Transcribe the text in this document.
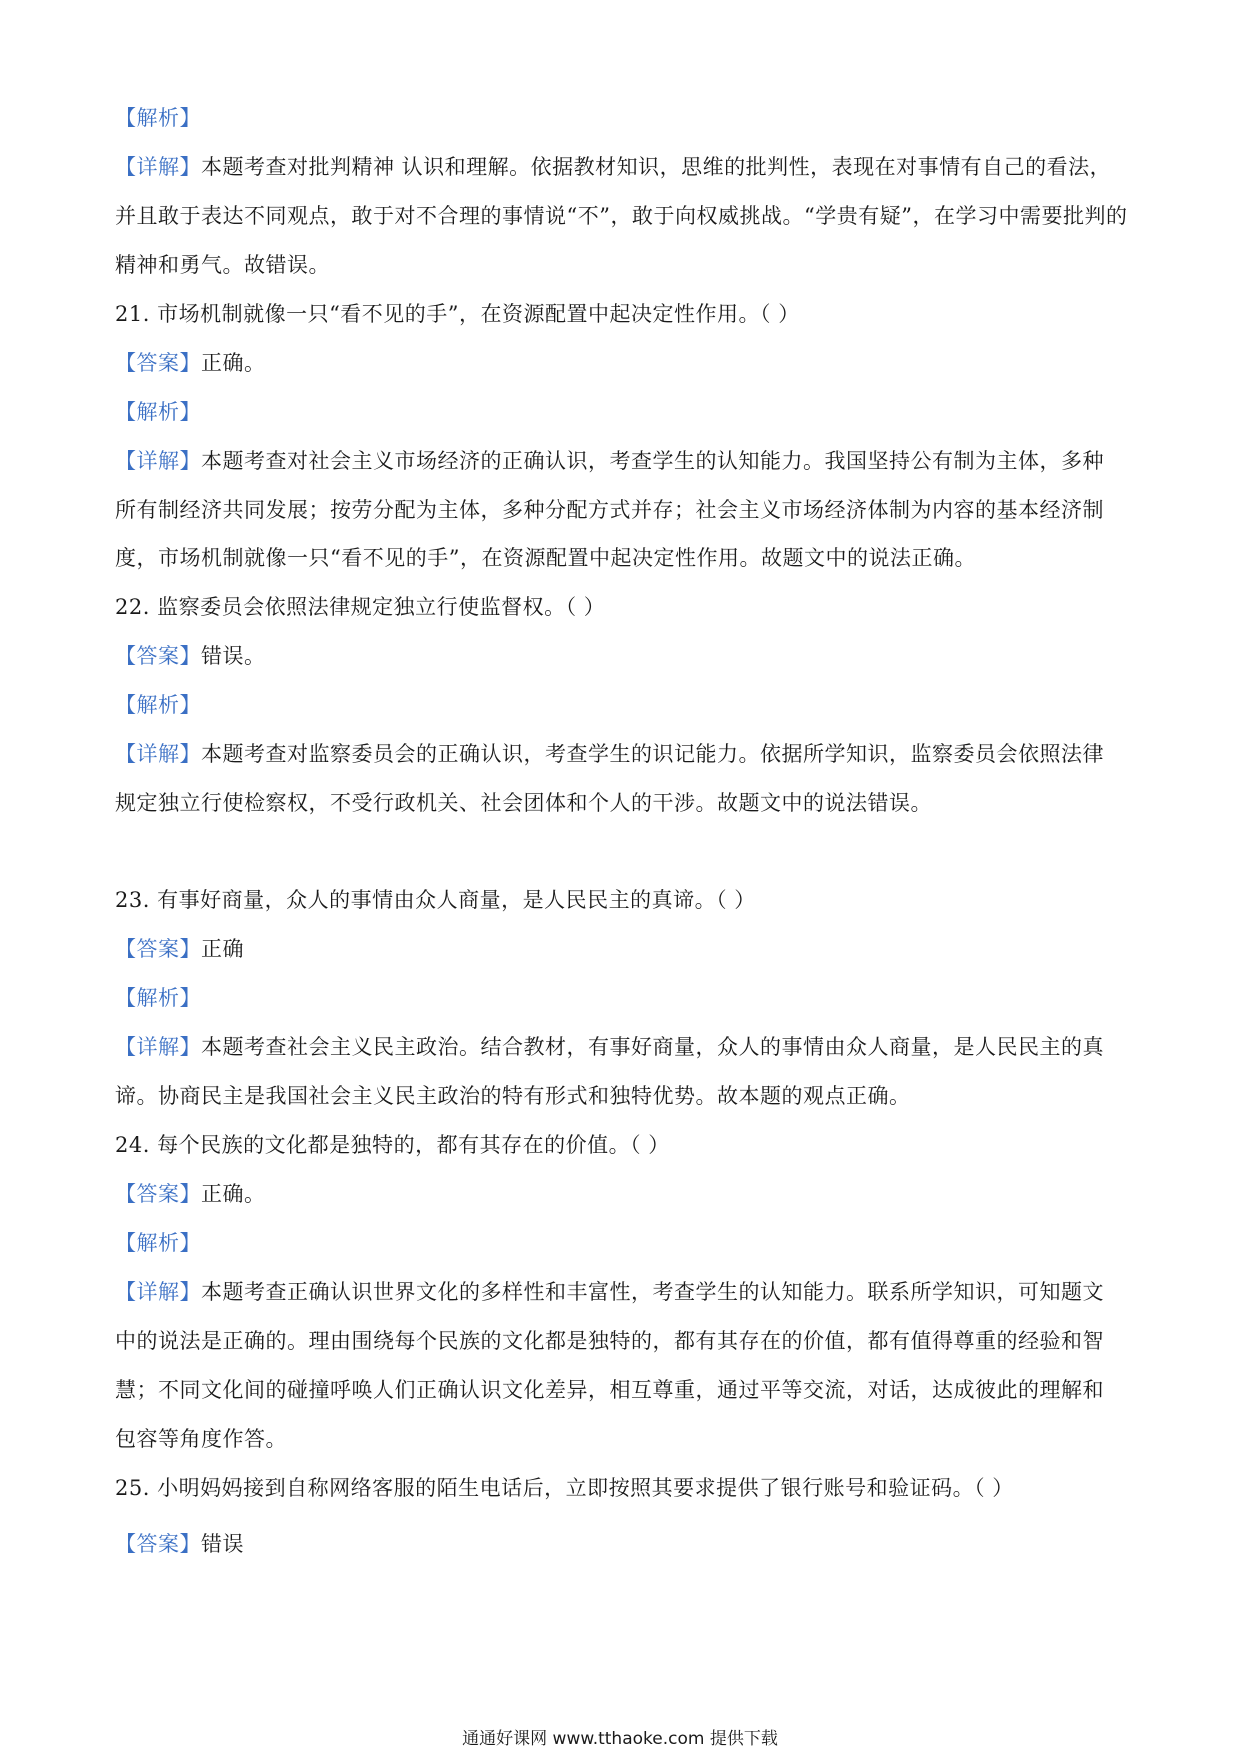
【解析】
【详解】本题考查对批判精神 认识和理解。依据教材知识，思维的批判性，表现在对事情有自己的看法，
并且敢于表达不同观点，敢于对不合理的事情说“不”，敢于向权威挑战。“学贵有疑”，在学习中需要批判的
精神和勇气。故错误。
21. 市场机制就像一只“看不见的手”，在资源配置中起决定性作用。（ ）
【答案】正确。
【解析】
【详解】本题考查对社会主义市场经济的正确认识，考查学生的认知能力。我国坚持公有制为主体，多种
所有制经济共同发展；按劳分配为主体，多种分配方式并存；社会主义市场经济体制为内容的基本经济制
度，市场机制就像一只“看不见的手”，在资源配置中起决定性作用。故题文中的说法正确。
22. 监察委员会依照法律规定独立行使监督权。（ ）
【答案】错误。
【解析】
【详解】本题考查对监察委员会的正确认识，考查学生的识记能力。依据所学知识，监察委员会依照法律
规定独立行使检察权，不受行政机关、社会团体和个人的干涉。故题文中的说法错误。
23. 有事好商量，众人的事情由众人商量，是人民民主的真谛。（ ）
【答案】正确
【解析】
【详解】本题考查社会主义民主政治。结合教材，有事好商量，众人的事情由众人商量，是人民民主的真
谛。协商民主是我国社会主义民主政治的特有形式和独特优势。故本题的观点正确。
24. 每个民族的文化都是独特的，都有其存在的价值。（ ）
【答案】正确。
【解析】
【详解】本题考查正确认识世界文化的多样性和丰富性，考查学生的认知能力。联系所学知识，可知题文
中的说法是正确的。理由围绕每个民族的文化都是独特的，都有其存在的价值，都有值得尊重的经验和智
慧；不同文化间的碰撞呼唤人们正确认识文化差异，相互尊重，通过平等交流，对话，达成彼此的理解和
包容等角度作答。
25. 小明妈妈接到自称网络客服的陌生电话后，立即按照其要求提供了银行账号和验证码。（ ）
【答案】错误
通通好课网 www.tthaoke.com 提供下载
